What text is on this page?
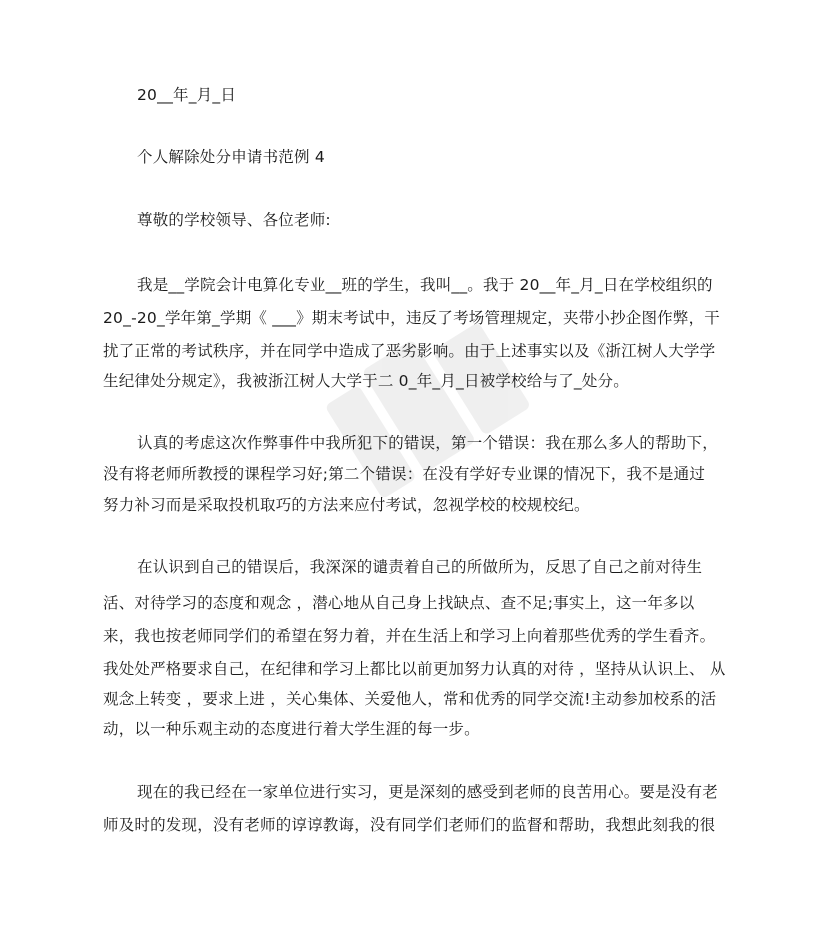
20__年_月_日
个人解除处分申请书范例 4
尊敬的学校领导、各位老师:
我是__学院会计电算化专业__班的学生，我叫__。我于 20__年_月_日在学校组织的
20_-20_学年第_学期《 ___》期末考试中，违反了考场管理规定，夹带小抄企图作弊，干
扰了正常的考试秩序，并在同学中造成了恶劣影响。由于上述事实以及《浙江树人大学学
生纪律处分规定》，我被浙江树人大学于二 0_年_月_日被学校给与了_处分。
认真的考虑这次作弊事件中我所犯下的错误，第一个错误：我在那么多人的帮助下，
没有将老师所教授的课程学习好;第二个错误：在没有学好专业课的情况下，我不是通过
努力补习而是采取投机取巧的方法来应付考试，忽视学校的校规校纪。
在认识到自己的错误后，我深深的谴责着自己的所做所为，反思了自己之前对待生
活、对待学习的态度和观念 ，潜心地从自己身上找缺点、查不足;事实上，这一年多以
来，我也按老师同学们的希望在努力着，并在生活上和学习上向着那些优秀的学生看齐。
我处处严格要求自己，在纪律和学习上都比以前更加努力认真的对待 ，坚持从认识上、 从
观念上转变 ，要求上进 ，关心集体、关爱他人，常和优秀的同学交流!主动参加校系的活
动，以一种乐观主动的态度进行着大学生涯的每一步。
现在的我已经在一家单位进行实习，更是深刻的感受到老师的良苦用心。要是没有老
师及时的发现，没有老师的谆谆教诲，没有同学们老师们的监督和帮助，我想此刻我的很
